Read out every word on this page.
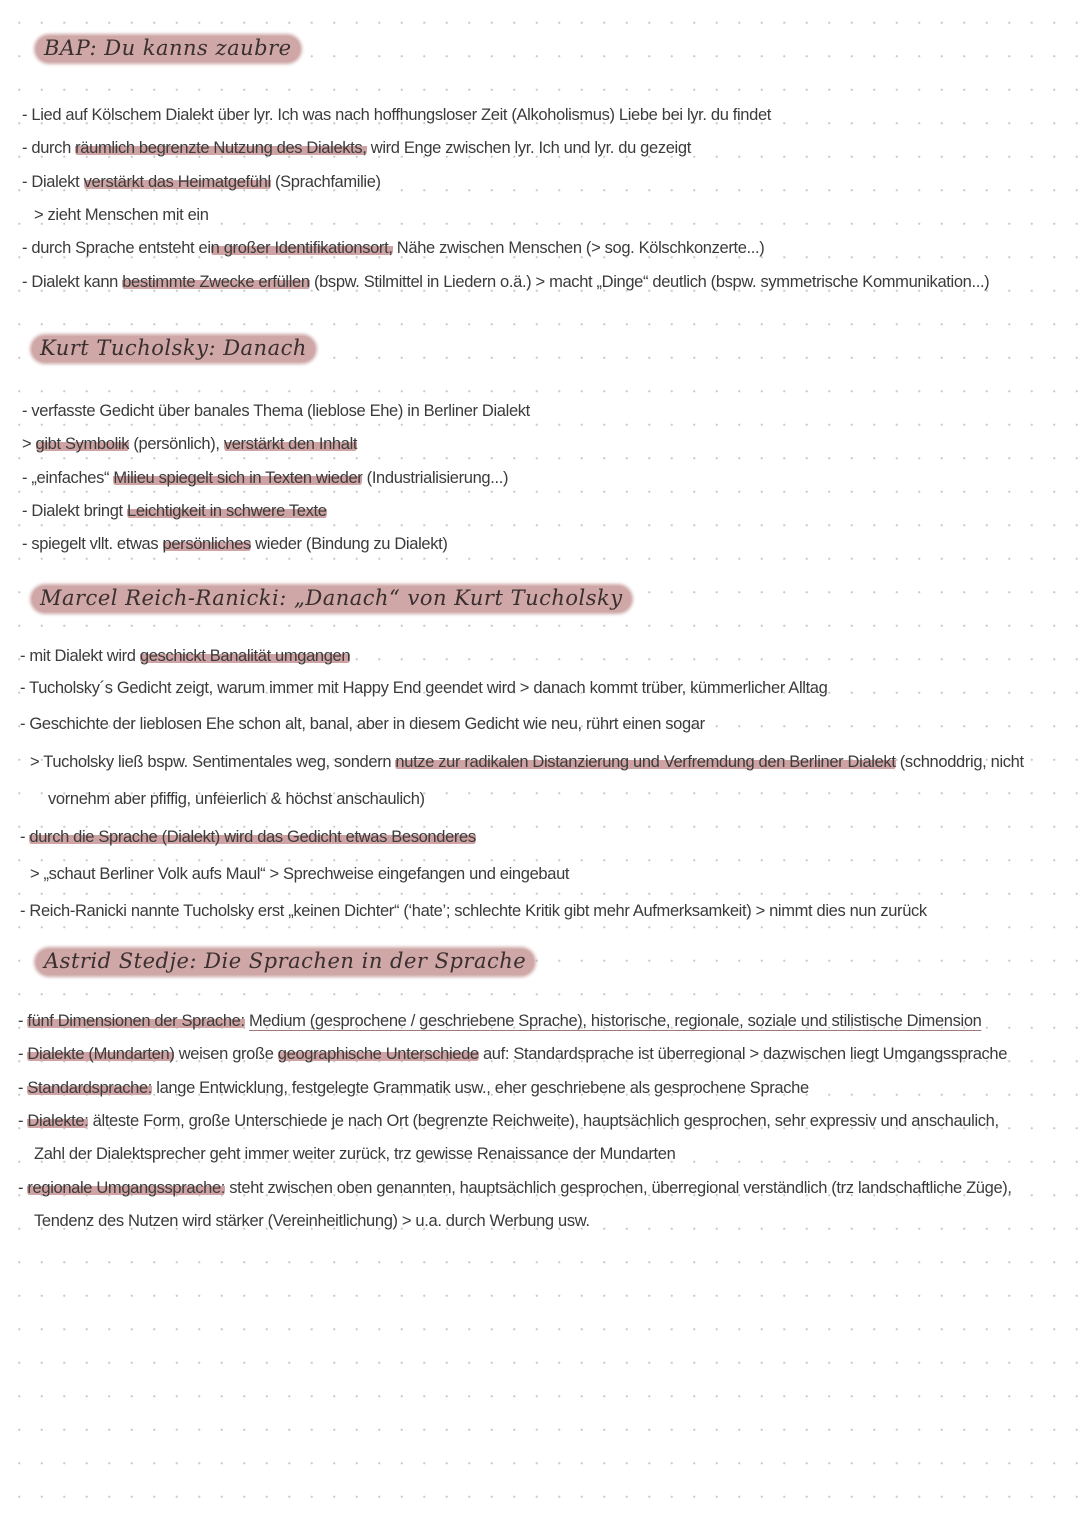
BAP: Du kanns zaubre
- Lied auf Kölschem Dialekt über lyr. Ich was nach hoffhungsloser Zeit (Alkoholismus) Liebe bei lyr. du findet
- durch räumlich begrenzte Nutzung des Dialekts, wird Enge zwischen lyr. Ich und lyr. du gezeigt
- Dialekt verstärkt das Heimatgefühl (Sprachfamilie)
> zieht Menschen mit ein
- durch Sprache entsteht ein großer Identifikationsort, Nähe zwischen Menschen (> sog. Kölschkonzerte...)
- Dialekt kann bestimmte Zwecke erfüllen (bspw. Stilmittel in Liedern o.ä.) > macht „Dinge“ deutlich (bspw. symmetrische Kommunikation...)
Kurt Tucholsky: Danach
- verfasste Gedicht über banales Thema (lieblose Ehe) in Berliner Dialekt
> gibt Symbolik (persönlich), verstärkt den Inhalt
- „einfaches“ Milieu spiegelt sich in Texten wieder (Industrialisierung...)
- Dialekt bringt Leichtigkeit in schwere Texte
- spiegelt vllt. etwas persönliches wieder (Bindung zu Dialekt)
Marcel Reich-Ranicki: „Danach“ von Kurt Tucholsky
- mit Dialekt wird geschickt Banalität umgangen
- Tucholsky´s Gedicht zeigt, warum immer mit Happy End geendet wird > danach kommt trüber, kümmerlicher Alltag
- Geschichte der lieblosen Ehe schon alt, banal, aber in diesem Gedicht wie neu, rührt einen sogar
> Tucholsky ließ bspw. Sentimentales weg, sondern nutze zur radikalen Distanzierung und Verfremdung den Berliner Dialekt (schnoddrig, nicht
vornehm aber pfiffig, unfeierlich & höchst anschaulich)
- durch die Sprache (Dialekt) wird das Gedicht etwas Besonderes
> „schaut Berliner Volk aufs Maul“ > Sprechweise eingefangen und eingebaut
- Reich-Ranicki nannte Tucholsky erst „keinen Dichter“ (‘hate’; schlechte Kritik gibt mehr Aufmerksamkeit) > nimmt dies nun zurück
Astrid Stedje: Die Sprachen in der Sprache
- fünf Dimensionen der Sprache: Medium (gesprochene / geschriebene Sprache), historische, regionale, soziale und stilistische Dimension
- Dialekte (Mundarten) weisen große geographische Unterschiede auf: Standardsprache ist überregional > dazwischen liegt Umgangssprache
- Standardsprache: lange Entwicklung, festgelegte Grammatik usw., eher geschriebene als gesprochene Sprache
- Dialekte: älteste Form, große Unterschiede je nach Ort (begrenzte Reichweite), hauptsächlich gesprochen, sehr expressiv und anschaulich,
Zahl der Dialektsprecher geht immer weiter zurück, trz gewisse Renaissance der Mundarten
- regionale Umgangssprache: steht zwischen oben genannten, hauptsächlich gesprochen, überregional verständlich (trz landschaftliche Züge),
Tendenz des Nutzen wird stärker (Vereinheitlichung) > u.a. durch Werbung usw.
